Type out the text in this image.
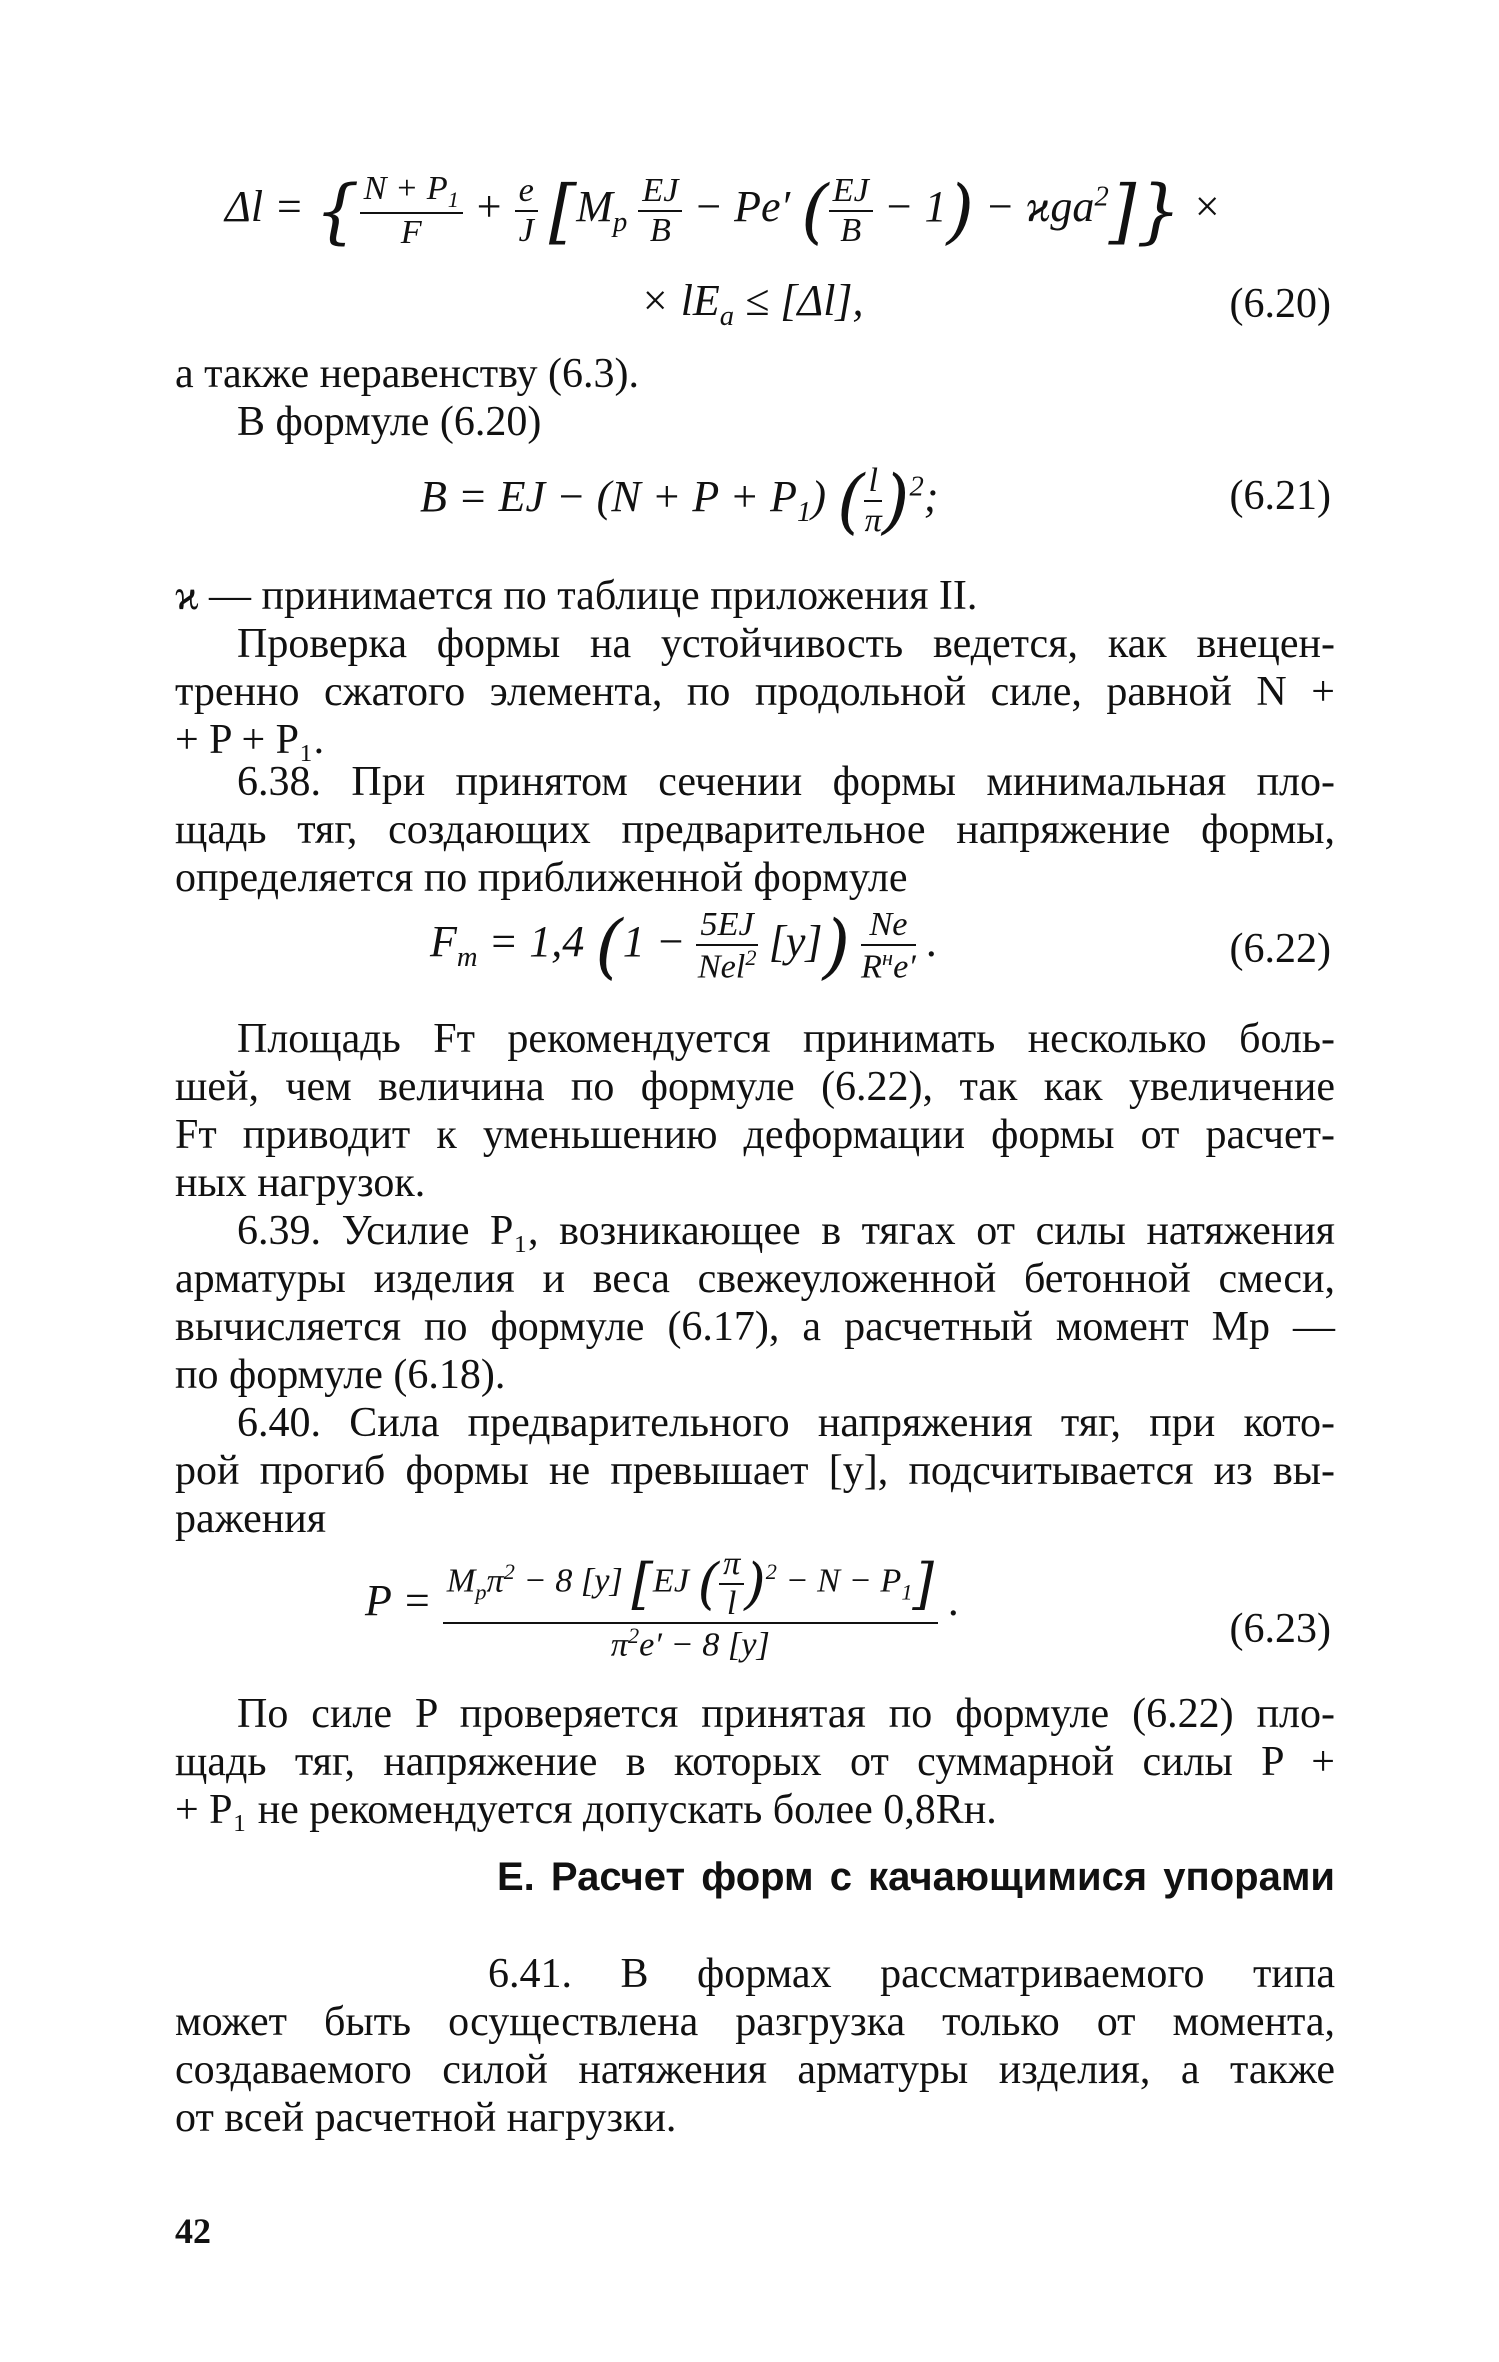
Δl = { $\frac{N + P_1}{F} + \frac{e}{J} [M_р \frac{EJ}{B} - Pe'$ ( $\frac{EJ}{B} - 1) - ϰga^2$]} ×
× $lE_а \le [\Delta l]$,	(6.20)
а также неравенству (6.3).
В формуле (6.20)
B = EJ − $(N + P + P_1)$ ( $\frac{l}{\pi} )^2$;	(6.21)
ϰ — принимается по таблице приложения II.
Проверка формы на устойчивость ведется, как внецен-
тренно сжатого элемента, по продольной силе, равной N +
+ P + P₁.
6.38. При принятом сечении формы минимальная пло-
щадь тяг, создающих предварительное напряжение формы,
определяется по приближенной формуле
$F_т = 1,4$ $(1 - \frac{5EJ}{Nel^2} [y]) \frac{Ne}{R^нe'}$ .	(6.22)
Площадь Fт рекомендуется принимать несколько боль-
шей, чем величина по формуле (6.22), так как увеличение
Fт приводит к уменьшению деформации формы от расчет-
ных нагрузок.
6.39. Усилие P₁, возникающее в тягах от силы натяжения
арматуры изделия и веса свежеуложенной бетонной смеси,
вычисляется по формуле (6.17), а расчетный момент Mр —
по формуле (6.18).
6.40. Сила предварительного напряжения тяг, при кото-
рой прогиб формы не превышает [y], подсчитывается из вы-
ражения
$P = \frac{M_р\pi^2 - 8 [y] [EJ ( \frac{\pi}{l} )^2 - N - P_1]}{\pi^2e' - 8 [y]}$ .
(6.23)
По силе P проверяется принятая по формуле (6.22) пло-
щадь тяг, напряжение в которых от суммарной силы P +
+ P₁ не рекомендуется допускать более 0,8Rн.
Е. Расчет форм с качающимися упорами
6.41. В формах рассматриваемого типа
может быть осуществлена разгрузка только от момента,
создаваемого силой натяжения арматуры изделия, а также
от всей расчетной нагрузки.
42
